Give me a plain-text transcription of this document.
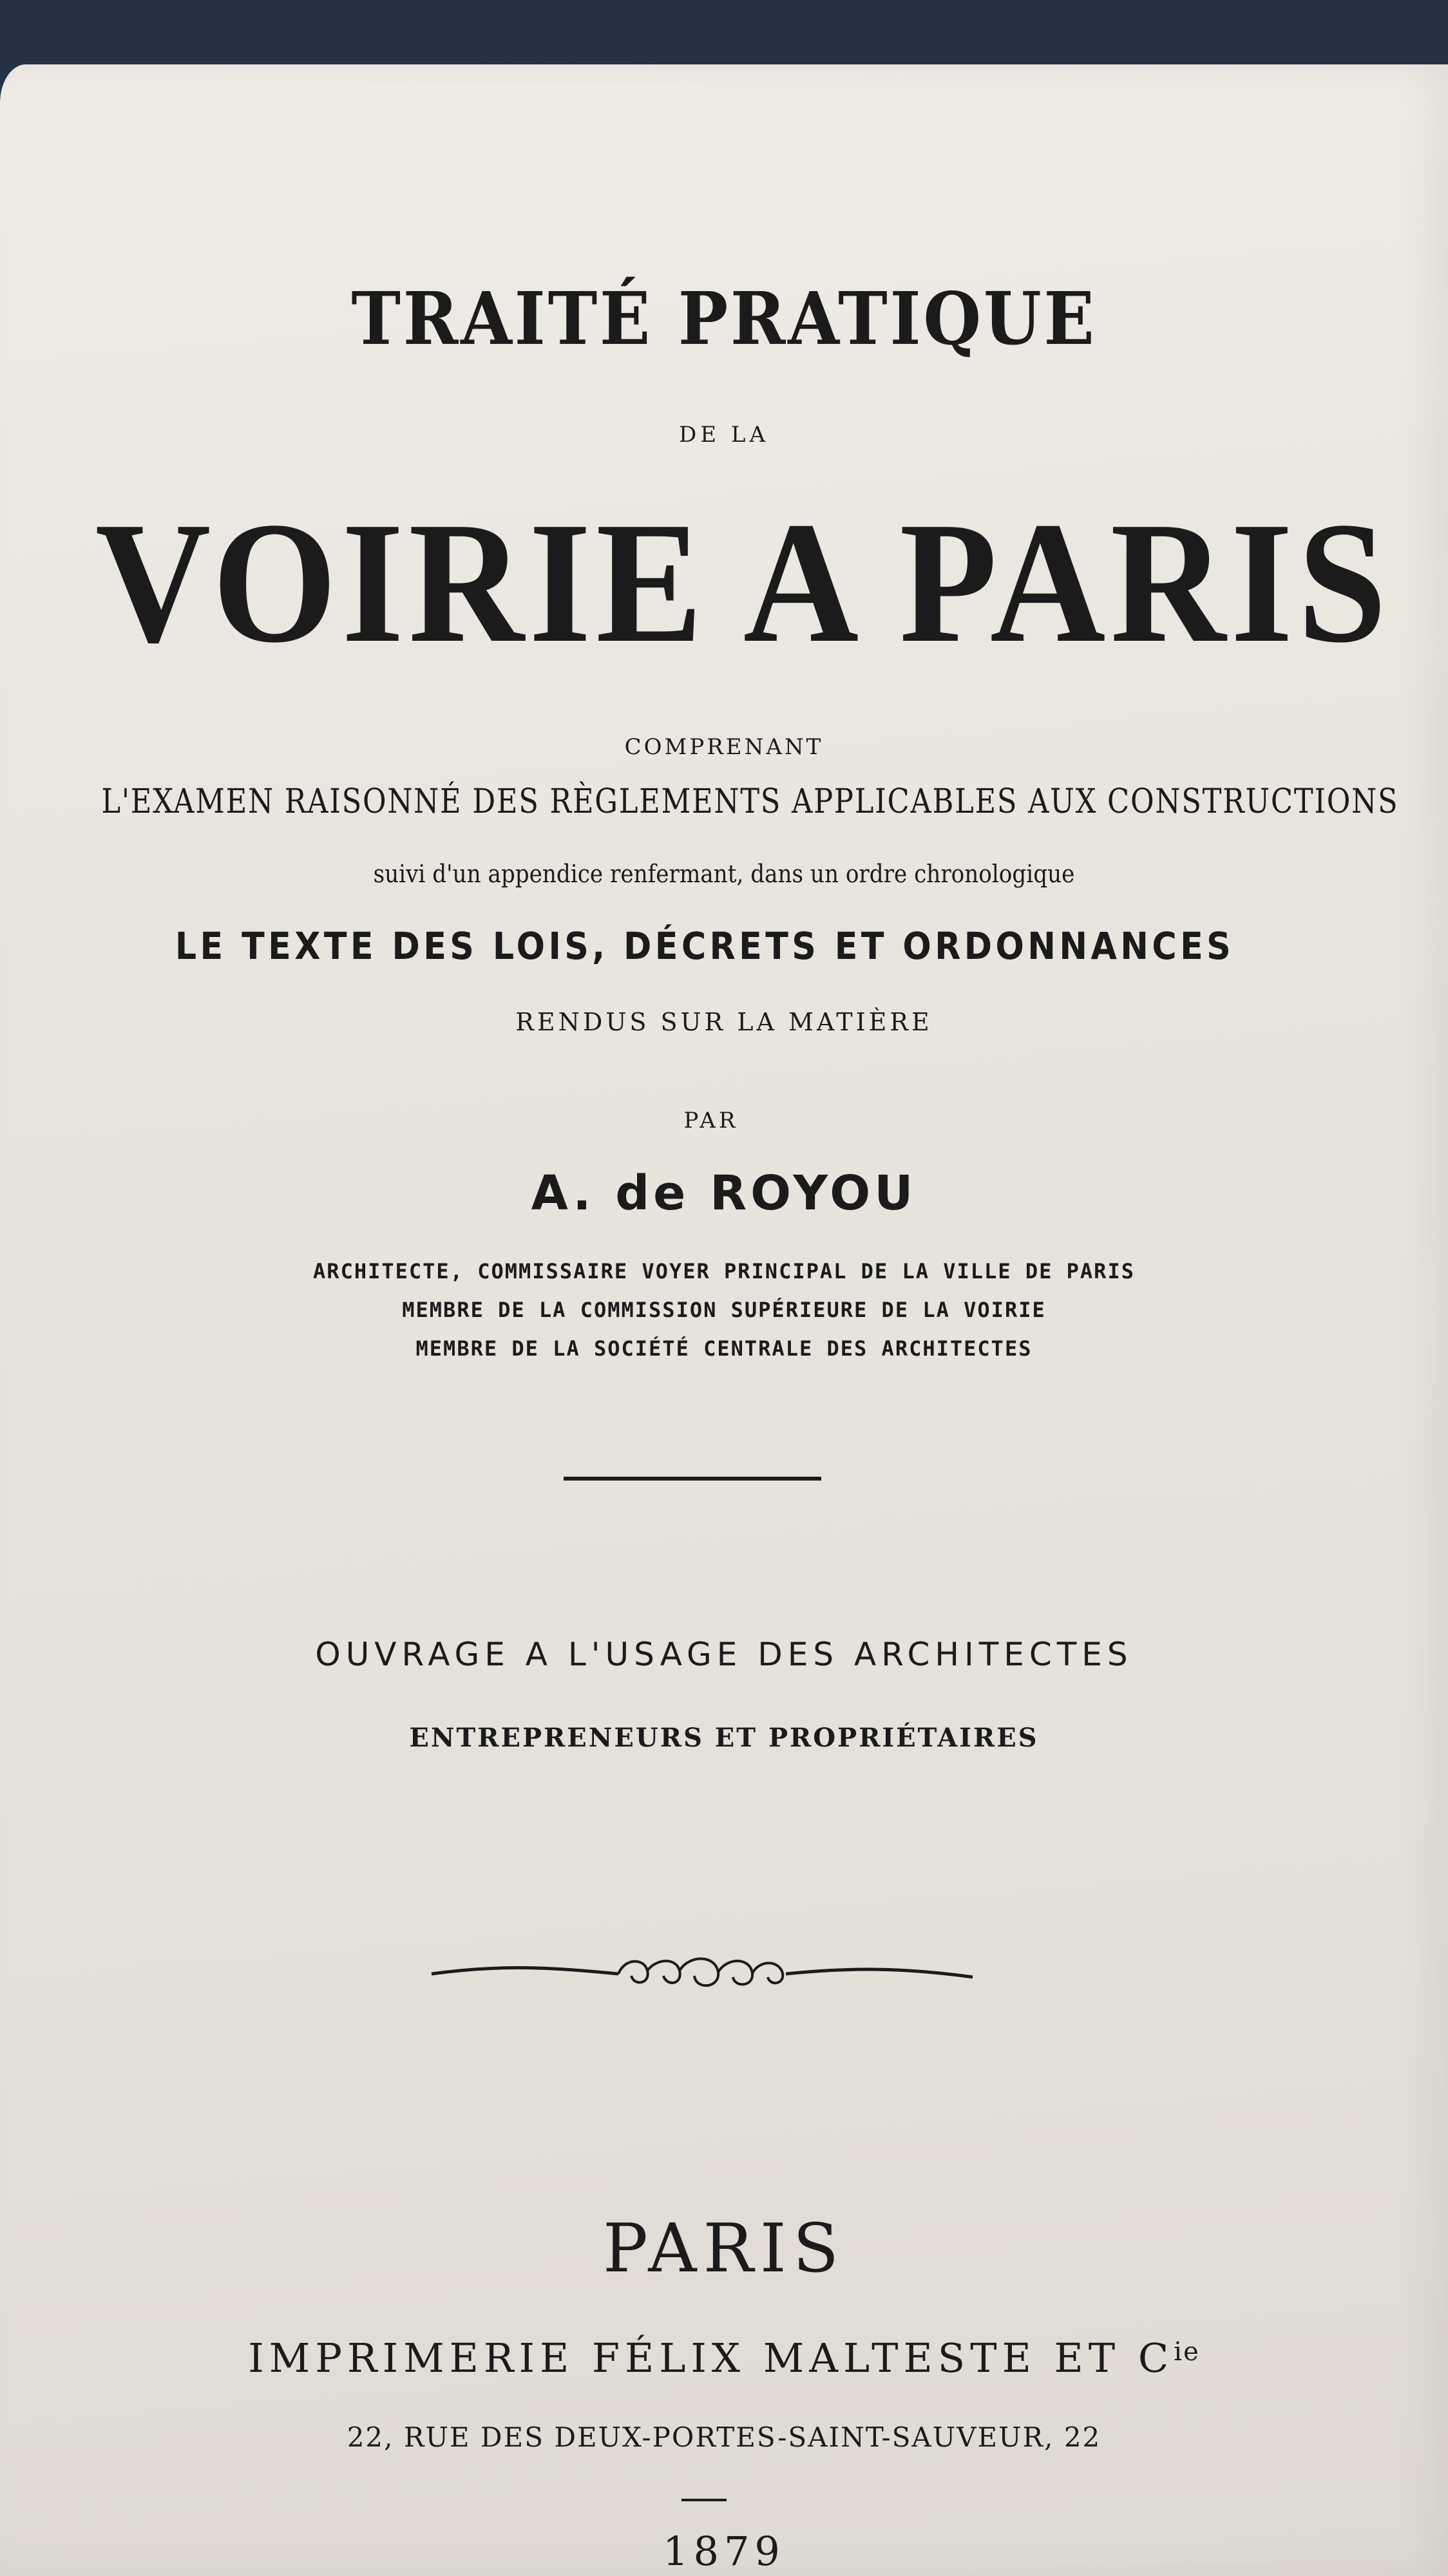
TRAITÉ PRATIQUE
DE LA
VOIRIE A PARIS
COMPRENANT
L'EXAMEN RAISONNÉ DES RÈGLEMENTS APPLICABLES AUX CONSTRUCTIONS
suivi d'un appendice renfermant, dans un ordre chronologique
LE TEXTE DES LOIS, DÉCRETS ET ORDONNANCES
RENDUS SUR LA MATIÈRE
PAR
A. de ROYOU
ARCHITECTE, COMMISSAIRE VOYER PRINCIPAL DE LA VILLE DE PARIS
MEMBRE DE LA COMMISSION SUPÉRIEURE DE LA VOIRIE
MEMBRE DE LA SOCIÉTÉ CENTRALE DES ARCHITECTES
OUVRAGE A L'USAGE DES ARCHITECTES
ENTREPRENEURS ET PROPRIÉTAIRES
PARIS
IMPRIMERIE FÉLIX MALTESTE ET $C^{ie}$
22, RUE DES DEUX-PORTES-SAINT-SAUVEUR, 22
1879
